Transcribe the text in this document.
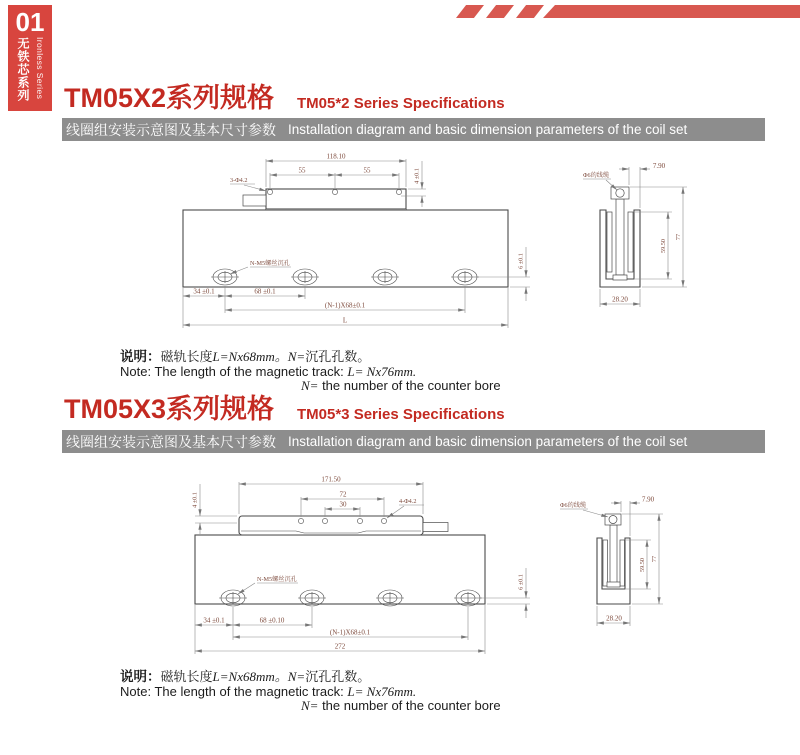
01
无铁芯系列 Ironless Series TM05X2系列规格 TM05*2 Series Specifications
线圈组安装示意图及基本尺寸参数 Installation diagram and basic dimension parameters of the coil set
118.10
55	55
3-Φ4.2	4 ±0.1
N-M5螺丝沉孔
34 ±0.1	68 ±0.1
(N-1)X68±0.1
L
6 ±0.1
7.90
Φ6的线缆
59.50
77
28.20
说明：磁轨长度L=Nx68mm。N=沉孔孔数。
Note: The length of the magnetic track: L= Nx76mm.
N= the number of the counter bore
TM05X3系列规格 TM05*3 Series Specifications
线圈组安装示意图及基本尺寸参数 Installation diagram and basic dimension parameters of the coil set
171.50
72
30	4-Φ4.2
4 ±0.1
N-M5螺丝沉孔
34 ±0.1	68 ±0.10
(N-1)X68±0.1
272
6 ±0.1
7.90
Φ6的线缆
59.50 77
28.20
说明：磁轨长度L=Nx68mm。N=沉孔孔数。
Note: The length of the magnetic track: L= Nx76mm.
N= the number of the counter bore
